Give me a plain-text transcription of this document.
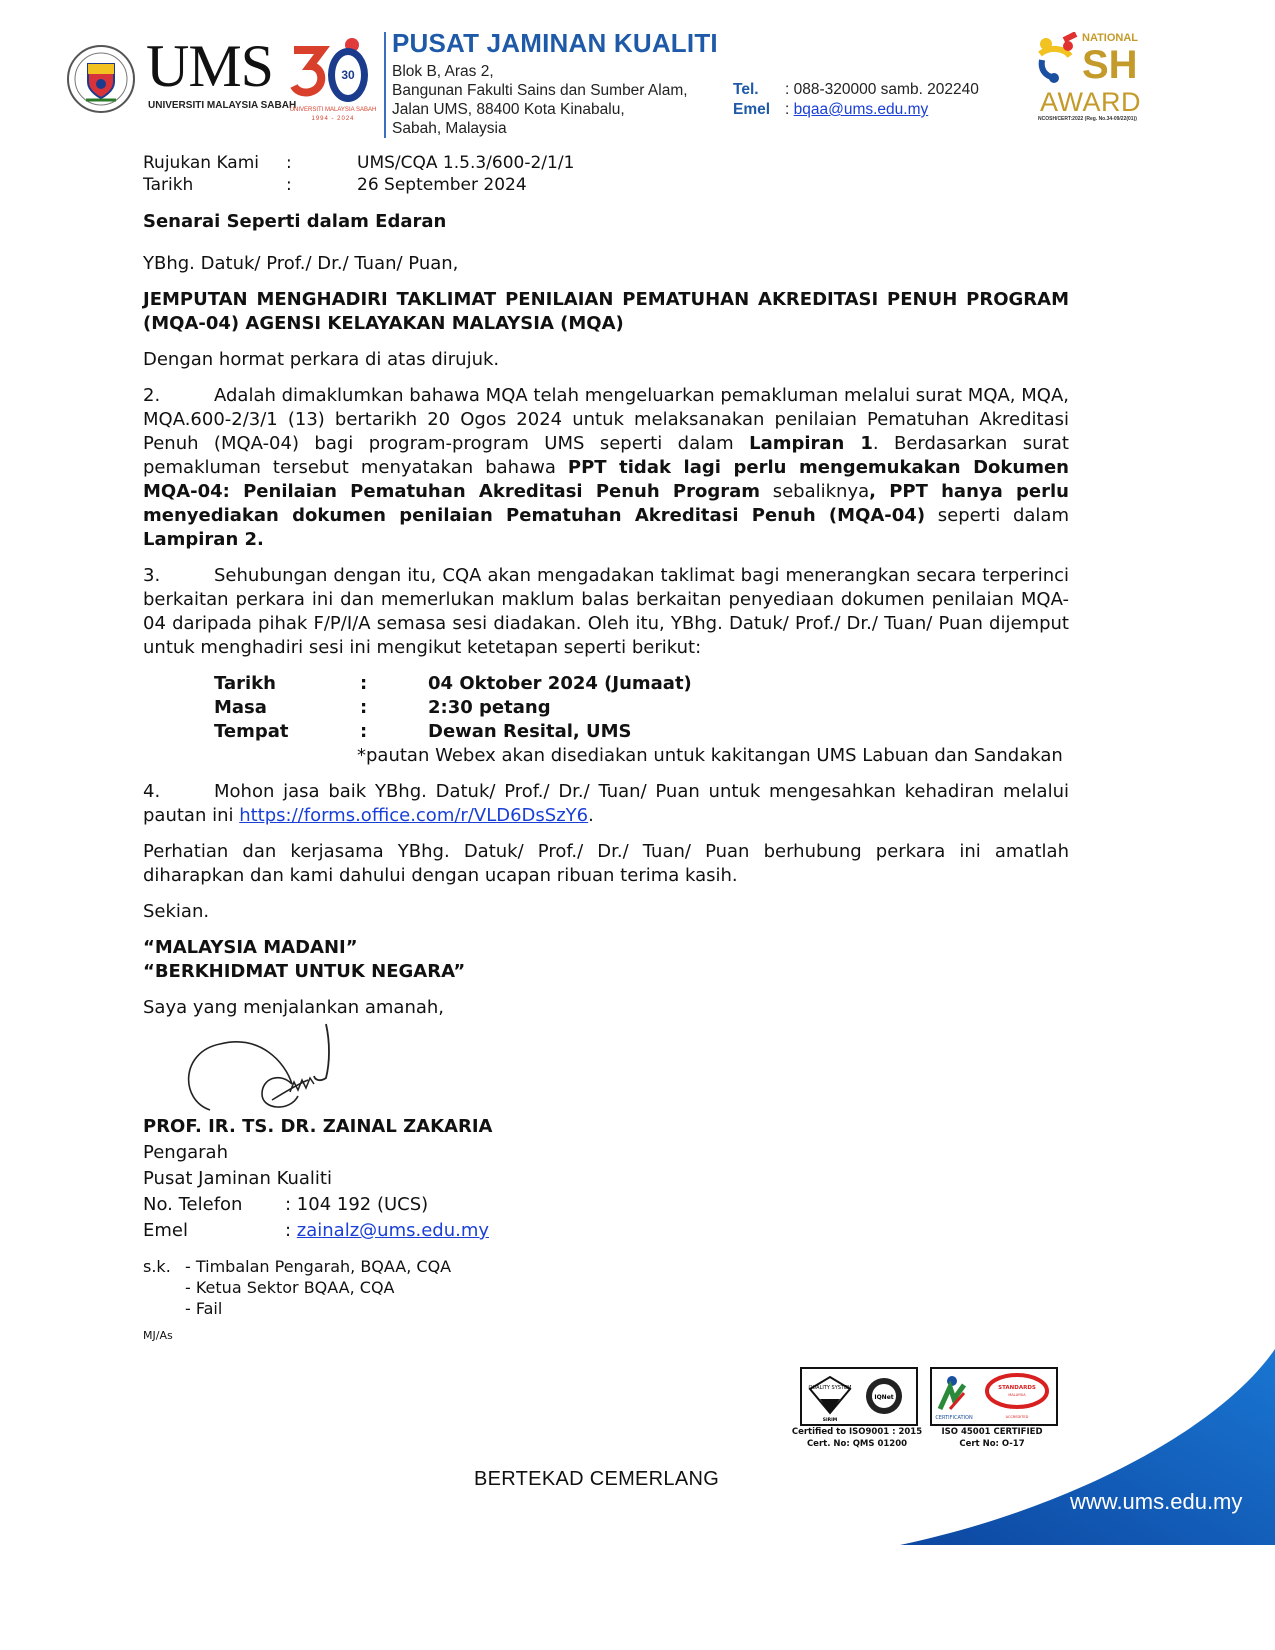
UMS
UNIVERSITI MALAYSIA SABAH
30
UNIVERSITI MALAYSIA SABAH
1994 - 2024
PUSAT JAMINAN KUALITI
Blok B, Aras 2,
Bangunan Fakulti Sains dan Sumber Alam,
Jalan UMS, 88400 Kota Kinabalu,
Sabah, Malaysia
Tel. : 088-320000 samb. 202240
Emel : bqaa@ums.edu.my
NATIONAL
SH
AWARD
NCOSH/CERT:2022 (Reg. No.34-09/22(01))
Rujukan Kami :	UMS/CQA 1.5.3/600-2/1/1
Tarikh	:	26 September 2024
Senarai Seperti dalam Edaran
YBhg. Datuk/ Prof./ Dr./ Tuan/ Puan,
JEMPUTAN MENGHADIRI TAKLIMAT PENILAIAN PEMATUHAN AKREDITASI PENUH PROGRAM (MQA-04) AGENSI KELAYAKAN MALAYSIA (MQA)
Dengan hormat perkara di atas dirujuk.
2.	Adalah dimaklumkan bahawa MQA telah mengeluarkan pemakluman melalui surat MQA, MQA, MQA.600-2/3/1 (13) bertarikh 20 Ogos 2024 untuk melaksanakan penilaian Pematuhan Akreditasi Penuh (MQA-04) bagi program-program UMS seperti dalam Lampiran 1. Berdasarkan surat pemakluman tersebut menyatakan bahawa PPT tidak lagi perlu mengemukakan Dokumen MQA-04: Penilaian Pematuhan Akreditasi Penuh Program sebaliknya, PPT hanya perlu menyediakan dokumen penilaian Pematuhan Akreditasi Penuh (MQA-04) seperti dalam Lampiran 2.
3.	Sehubungan dengan itu, CQA akan mengadakan taklimat bagi menerangkan secara terperinci berkaitan perkara ini dan memerlukan maklum balas berkaitan penyediaan dokumen penilaian MQA-04 daripada pihak F/P/I/A semasa sesi diadakan. Oleh itu, YBhg. Datuk/ Prof./ Dr./ Tuan/ Puan dijemput untuk menghadiri sesi ini mengikut ketetapan seperti berikut:
Tarikh	:	04 Oktober 2024 (Jumaat)
Masa	:	2:30 petang
Tempat	:	Dewan Resital, UMS
*pautan Webex akan disediakan untuk kakitangan UMS Labuan dan Sandakan
4.	Mohon jasa baik YBhg. Datuk/ Prof./ Dr./ Tuan/ Puan untuk mengesahkan kehadiran melalui pautan ini https://forms.office.com/r/VLD6DsSzY6.
Perhatian dan kerjasama YBhg. Datuk/ Prof./ Dr./ Tuan/ Puan berhubung perkara ini amatlah diharapkan dan kami dahului dengan ucapan ribuan terima kasih.
Sekian.
“MALAYSIA MADANI”
“BERKHIDMAT UNTUK NEGARA”
Saya yang menjalankan amanah,
PROF. IR. TS. DR. ZAINAL ZAKARIA
Pengarah
Pusat Jaminan Kualiti
No. Telefon	: 104 192 (UCS)
Emel	: zainalz@ums.edu.my
s.k. - Timbalan Pengarah, BQAA, CQA
- Ketua Sektor BQAA, CQA
- Fail
MJ/As
QUALITY SYSTEM
SIRIM
IQNet
Certified to ISO9001 : 2015
Cert. No: QMS 01200
CERTIFICATION
STANDARDS
MALAYSIA
ACCREDITED
ISO 45001 CERTIFIED
Cert No: O-17
BERTEKAD CEMERLANG
www.ums.edu.my
